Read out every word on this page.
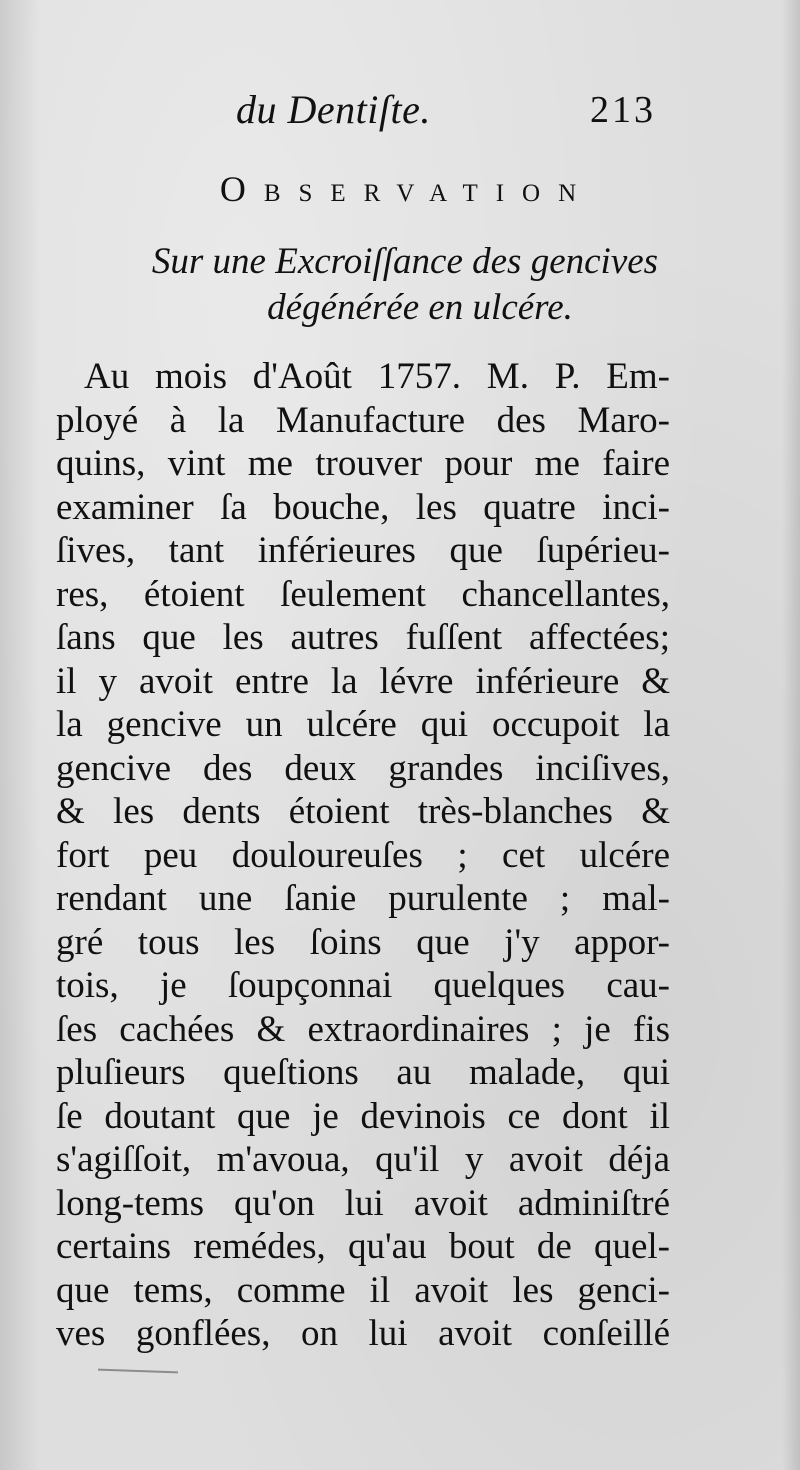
du Dentiſte.	213
Observation
Sur une Excroiſſance des gencives
dégénérée en ulcére.
Au mois d'Août 1757. M. P. Em-
ployé à la Manufacture des Maro-
quins, vint me trouver pour me faire
examiner ſa bouche, les quatre inci-
ſives, tant inférieures que ſupérieu-
res, étoient ſeulement chancellantes,
ſans que les autres fuſſent affectées;
il y avoit entre la lévre inférieure &
la gencive un ulcére qui occupoit la
gencive des deux grandes inciſives,
& les dents étoient très-blanches &
fort peu douloureuſes ; cet ulcére
rendant une ſanie purulente ; mal-
gré tous les ſoins que j'y appor-
tois, je ſoupçonnai quelques cau-
ſes cachées & extraordinaires ; je fis
pluſieurs queſtions au malade, qui
ſe doutant que je devinois ce dont il
s'agiſſoit, m'avoua, qu'il y avoit déja
long-tems qu'on lui avoit adminiſtré
certains remédes, qu'au bout de quel-
que tems, comme il avoit les genci-
ves gonflées, on lui avoit conſeillé
